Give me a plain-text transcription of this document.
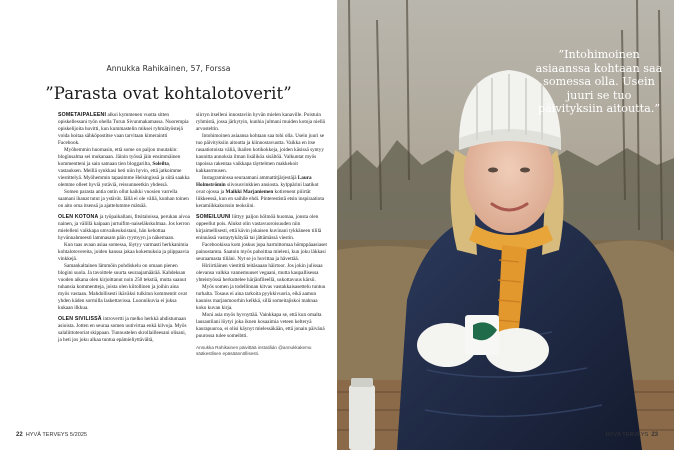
Annukka Rahikainen, 57, Forssa
”Parasta ovat kohtalotoverit”

SOMETAIPALEENI alkoi kymmenen vuotta sitten opiskellessani työn ohella Turun Sivunmakamassa. Nuorempia opiskelijoita huvitti, kun kummastelin mikseí ryhmätyöstejä voida hoitaa sähköpostitse vaan tarvitaan kimeraintti Facebook.

Myöhemmin huomasin, että some on paljon muutakin: bloginsalma sei mukanaan. Jäinin työssä jäin ensimmäinen kommentteni ja sain samaan tien bloggarilta, Soleilta, vastauksen. Meillä synkkasi heti niin hyvin, että jatkoimme viestittelyä. Myöhemmin tapasimme Helsingissä ja siitä saakka olemme olleet hyviä ystäviä, reissunneetkin yhdessä.

Somen parasta antia ontin ollut kaikki vuosien varrella saamani ihanat tutut ja ystävät. Iällä ei ole väliä, kunhan toinen on aito oma itsensä ja ajattelumme mätsää.

OLEN KOTONA ja työpaikallani, fitsitaloissa, perukan aivoa nainen, ja välillä kaipaan jurtuifim-naiseläkskulmaa. Jos kerron mielelleni vaikkapa umvaikeuksistani, hän kehottaa hyvännahmeesti lammasam päin ryymyyn ja näkemaan.

Kun taas avaan asiaa somessa, löytyy varmasti herkkanimia kohtalotovereita, joiden kanssa jakaa kokemuksia ja piippaavia vinkkejä.

Samankaltainen lämmöin pohdiskelu on omaan pienen blogini suola. Ja tavoittele suurta seuraajamäärää. Kahdeksan vuoden aikana olen kirjoittanut noin 250 tekstiä, mutta saanut tuhansia kommentteja, joista olen kiitollinen ja joihin aina myös vastaan. Mahdollisesti ikäväksi tulkitun kommentit ovat yhden käden sormilla laskettavissa. Luonnikuvia ei juksa kukaan ilkkua.

OLEN SIVILISSÄ introvertti ja melko herkkä ahdistumaan asioista. Jotten en seuraa somen uutivirtaa enkä kilvoja. Myös salaliittoteoriat skippaan. Tunnustelen skrollailleesani olisani, ja heti jos joku alkaa tuntua epämieliyttävältä,

siirryn itselleni innostaviin hyvän mielen kanaville. Poistuin ryhmistä, jossa järkytyin, kunhia julmaní muiden kotoja niellä arvosteltin.

Intohimoinen asiaansa kohtaan saa tohi olla. Usein juuri se tuo päivityksiin aitoutta ja kiinnostavuutta. Vaikka en itse rasaatiotoista väliä, ihailen kotikokkeja, joiden käsissä syntyy kaunitta annoksia ilman lisäliköa sisältöä. Valkuntat myös tapoissa rakentaa vaikkapa täyttelmen makkekoit kakkasrmusen.

Instagraminssa seuraamani ammattitjärjestäjä Laura Holmströmin siivousvinkkien ansiosta. kylppärini laatikot ovat ojossa ja Maikki Marjaniemen kotirenent piiirtät liikkeessä, kun en saihlle ehdi. Pinterestistä etsin inspiraatiota keramiikkakurssin teoksiini.

SOMEILUUNI liittyy paljon hölmöä huomaa, jonsta olen oppeellut pois. Alukst olin vastavuoroisuuden niin kirjaimellisesti, että kävin jokaisen kuvinani tykkäneen tililä eninnässä vastaytykätyää tai jättämässä viestin.

Facebookissa kom joskus jopa harmittomaa hömppäaasiaset painostamta. Saatoin myös pahoittaa mieleni, kun joku läkkasi seuraamasta tiliäni. Nyt se jo huvittaa ja hävettää.

Hiriirtiäinen viestittä teitäsaaan häirtoor. Jos jokin julissaa olevansa valkka vannemuuset vegaani, mutta kaupallisessa yhteistyössä herkuttelee härjänfileellä, uskottavuus kärsii.

Myös somen ja todellinnan kitvas vastakkaisasettelu tuntuu turhalta. Tosaus ei aina tarkoita pyykkivuoria, eikä aamun kauniss marjanmoorhin kelkkä, sillä someitajiskoi mahnaa koko kuvan kirja.

Moni asia myös hyvnyttää. Vainkkapa se, että kun omalta lausautilani löytyi joka iknen kosaaimia veteen kelteryä kaurapuuroa, ei olisi käynyt mielessäkään, että jonain päivänä puurossa tulee someibtti.

Annukka Rahikainen päivittää instatilián @annukkakemu sääkestlisen epäsäännöllisesti.

22 HYVÄ TERVEYS 5/2025
”Intohimoinen asiaanssa kohtaan saa somessa olla. Usein juuri se tuo päivityksiin aitoutta.”
HYVÄ TERVEYS 23
